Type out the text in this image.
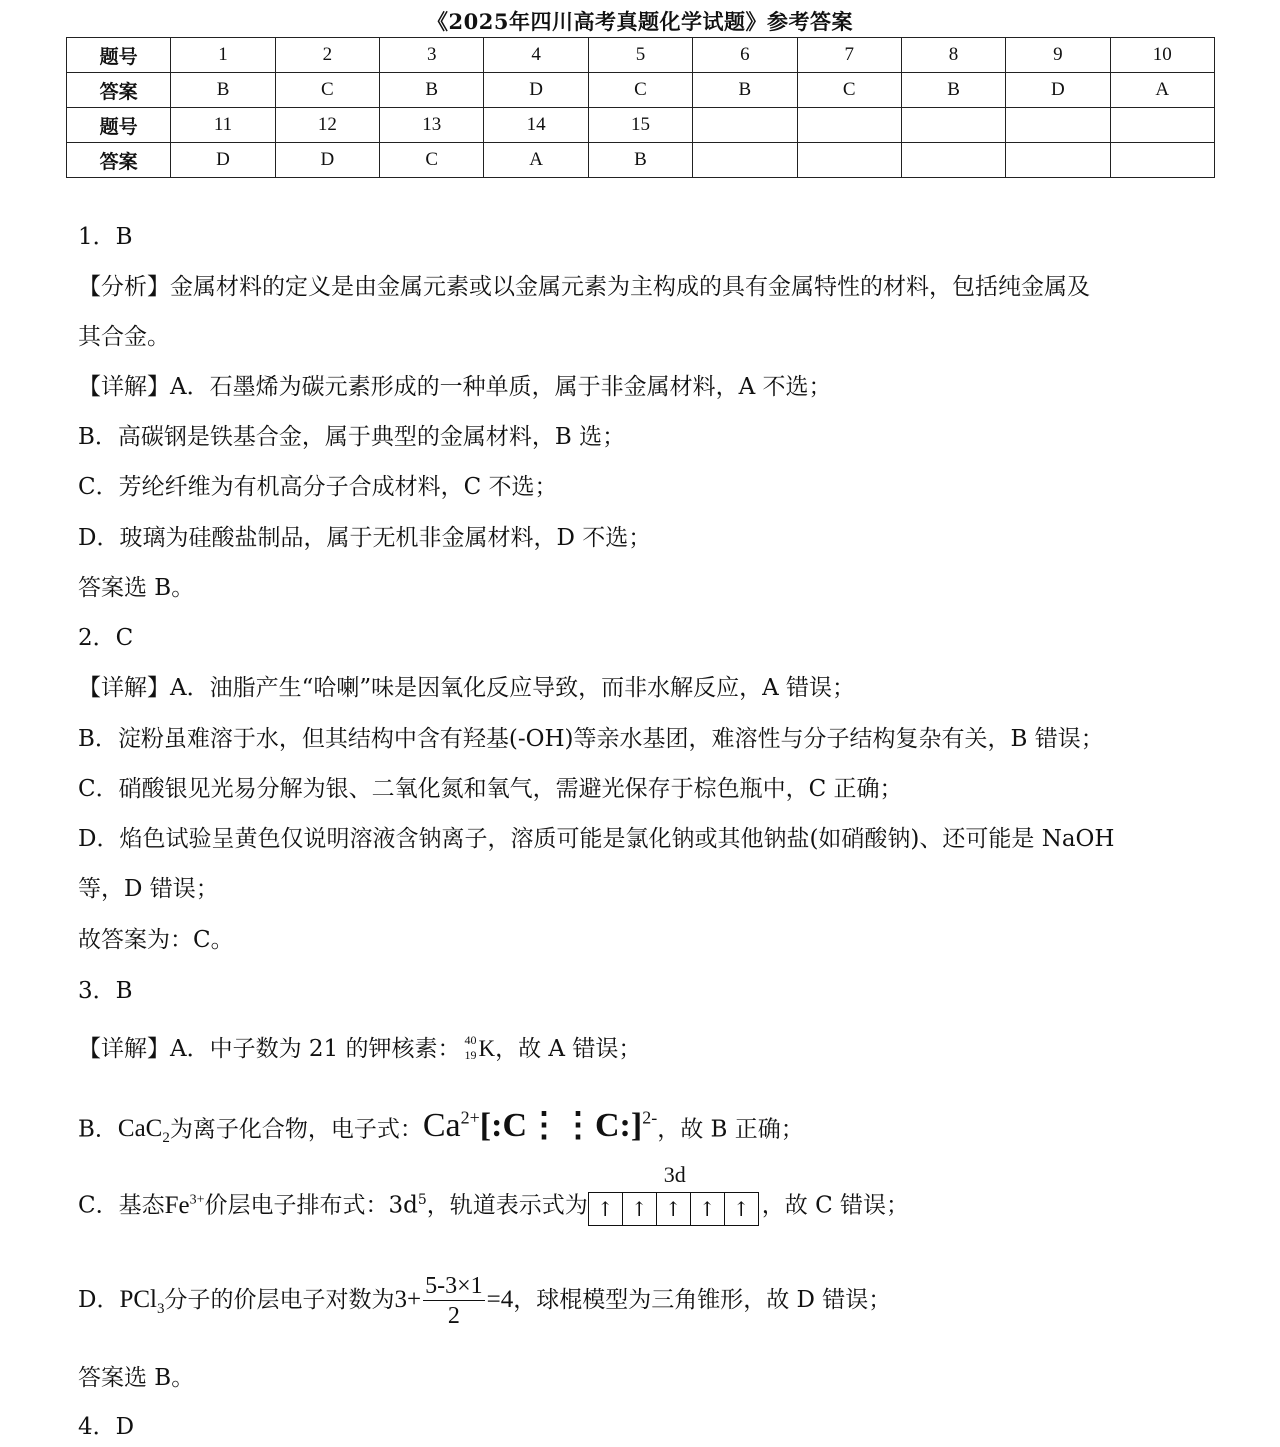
《2025年四川高考真题化学试题》参考答案
题号	1	2	3	4	5	6	7	8	9	10
答案	B	C	B	D	C	B	C	B	D	A
题号	11	12	13	14	15					
答案	D	D	C	A	B					
1．B
【分析】金属材料的定义是由金属元素或以金属元素为主构成的具有金属特性的材料，包括纯金属及
其合金。
【详解】A．石墨烯为碳元素形成的一种单质，属于非金属材料，A 不选；
B．高碳钢是铁基合金，属于典型的金属材料，B 选；
C．芳纶纤维为有机高分子合成材料，C 不选；
D．玻璃为硅酸盐制品，属于无机非金属材料，D 不选；
答案选 B。
2．C
【详解】A．油脂产生“哈喇”味是因氧化反应导致，而非水解反应，A 错误；
B．淀粉虽难溶于水，但其结构中含有羟基(-OH)等亲水基团，难溶性与分子结构复杂有关，B 错误；
C．硝酸银见光易分解为银、二氧化氮和氧气，需避光保存于棕色瓶中，C 正确；
D．焰色试验呈黄色仅说明溶液含钠离子，溶质可能是氯化钠或其他钠盐(如硝酸钠)、还可能是 NaOH
等，D 错误；
故答案为：C。
3．B
【详解】A．中子数为 21 的钾核素： 40
19 K，故 A 错误；
B．CaC$_2$为离子化合物，电子式：$Ca^{2+}[:C⋮⋮C:]^{2-}$，故 B 正确；
C．基态$Fe^{3+}$价层电子排布式：$3d^5$，轨道表示式为
3d
↑ ↑ ↑ ↑ ↑ ，故 C 错误；
D．PCl$_3$分子的价层电子对数为$3+ \frac{5-3\times 1}{2} =4$，球棍模型为三角锥形，故 D 错误；
答案选 B。
4．D
